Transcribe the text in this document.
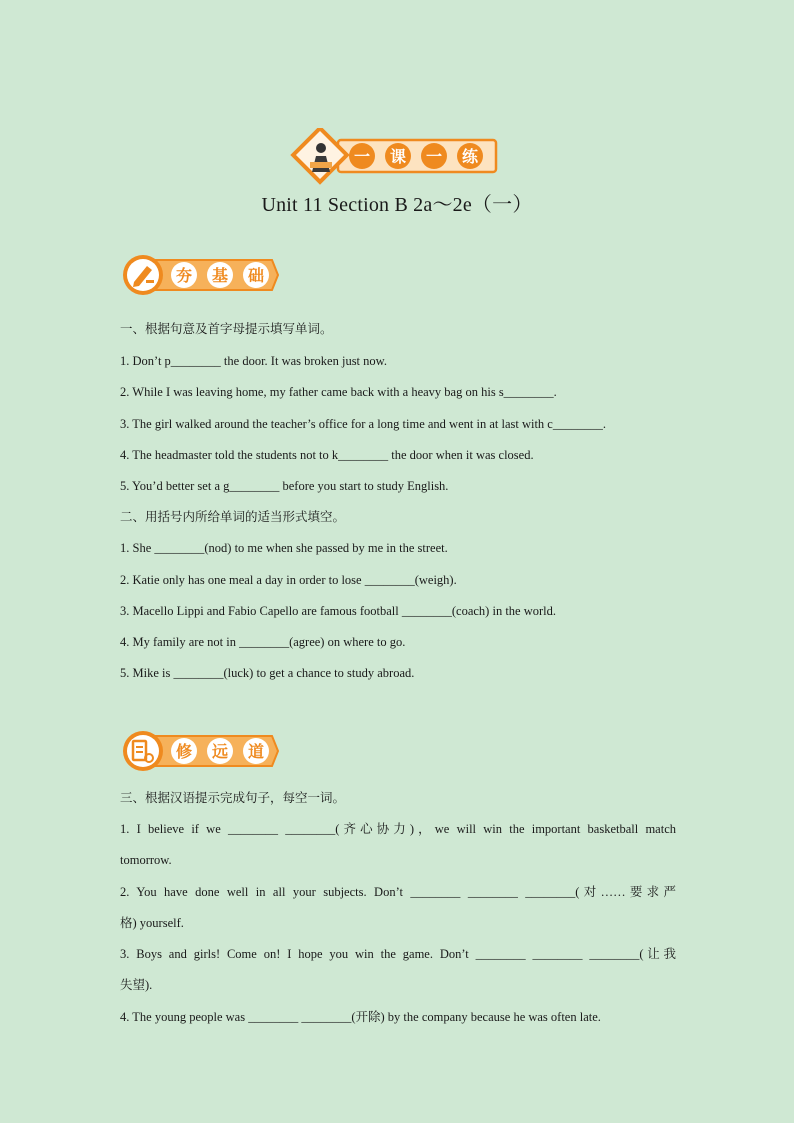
一 课 一 练
Unit 11 Section B 2a～2e（一）
夯 基 础
一、根据句意及首字母提示填写单词。
1. Don’t p________ the door. It was broken just now.
2. While I was leaving home, my father came back with a heavy bag on his s________.
3. The girl walked around the teacher’s office for a long time and went in at last with c________.
4. The headmaster told the students not to k________ the door when it was closed.
5. You’d better set a g________ before you start to study English.
二、用括号内所给单词的适当形式填空。
1. She ________(nod) to me when she passed by me in the street.
2. Katie only has one meal a day in order to lose ________(weigh).
3. Macello Lippi and Fabio Capello are famous football ________(coach) in the world.
4. My family are not in ________(agree) on where to go.
5. Mike is ________(luck) to get a chance to study abroad.
修 远 道
三、根据汉语提示完成句子，每空一词。
1. I believe if we ________ ________(齐心协力)，we will win the important basketball match
tomorrow.
2. You have done well in all your subjects. Don’t ________ ________ ________(对……要求严
格) yourself.
3. Boys and girls! Come on! I hope you win the game. Don’t ________ ________ ________(让我
失望).
4. The young people was ________ ________(开除) by the company because he was often late.
